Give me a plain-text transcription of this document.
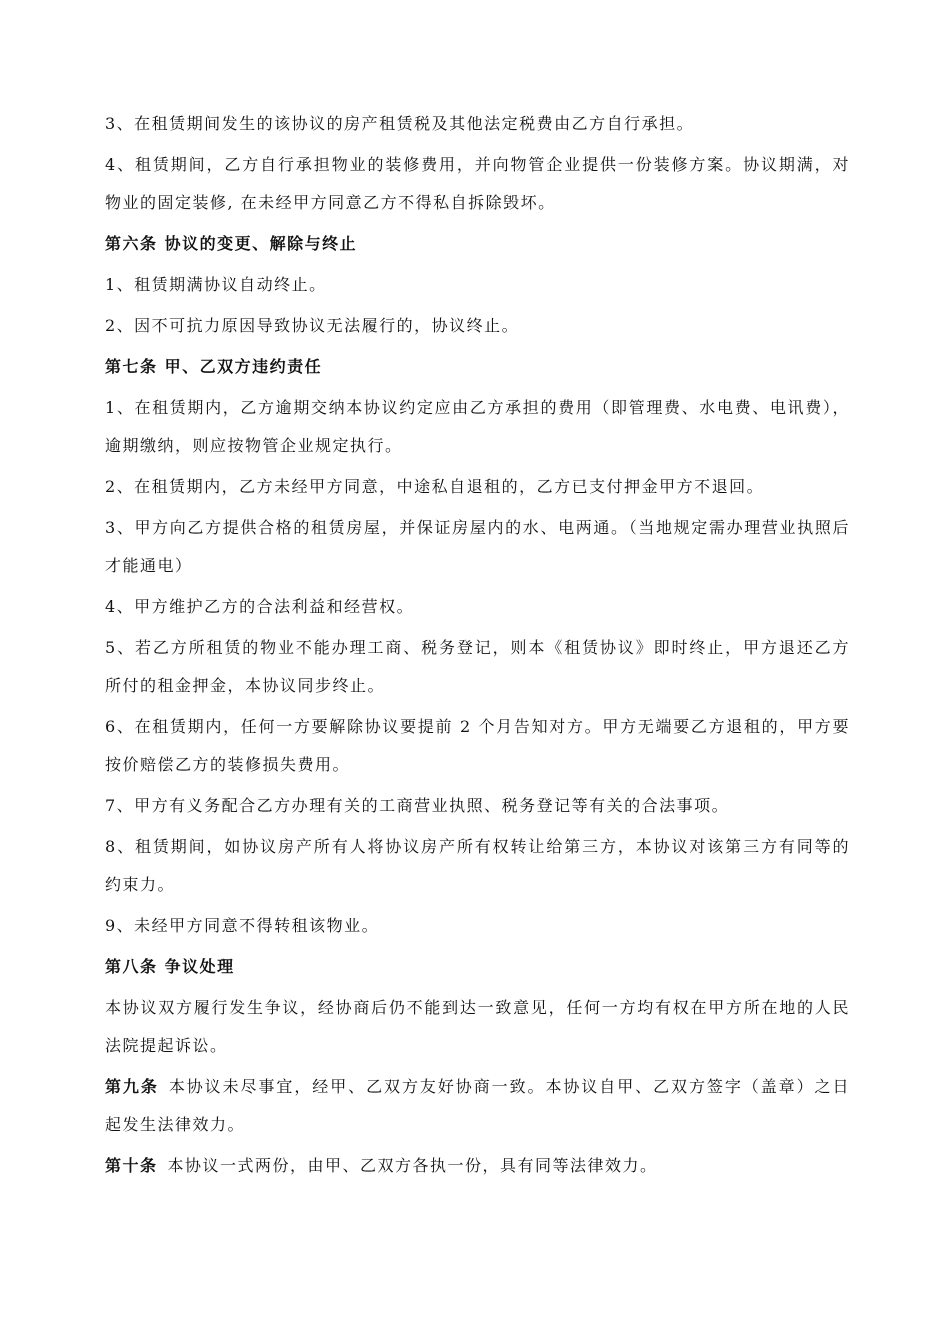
3、在租赁期间发生的该协议的房产租赁税及其他法定税费由乙方自行承担。

4、租赁期间，乙方自行承担物业的装修费用，并向物管企业提供一份装修方案。协议期满，对物业的固定装修, 在未经甲方同意乙方不得私自拆除毁坏。

第六条 协议的变更、解除与终止

1、租赁期满协议自动终止。

2、因不可抗力原因导致协议无法履行的，协议终止。

第七条 甲、乙双方违约责任

1、在租赁期内，乙方逾期交纳本协议约定应由乙方承担的费用（即管理费、水电费、电讯费），逾期缴纳，则应按物管企业规定执行。

2、在租赁期内，乙方未经甲方同意，中途私自退租的，乙方已支付押金甲方不退回。

3、甲方向乙方提供合格的租赁房屋，并保证房屋内的水、电两通。（当地规定需办理营业执照后才能通电）

4、甲方维护乙方的合法利益和经营权。

5、若乙方所租赁的物业不能办理工商、税务登记，则本《租赁协议》即时终止，甲方退还乙方所付的租金押金，本协议同步终止。

6、在租赁期内，任何一方要解除协议要提前 2 个月告知对方。甲方无端要乙方退租的，甲方要按价赔偿乙方的装修损失费用。

7、甲方有义务配合乙方办理有关的工商营业执照、税务登记等有关的合法事项。

8、租赁期间，如协议房产所有人将协议房产所有权转让给第三方，本协议对该第三方有同等的约束力。

9、未经甲方同意不得转租该物业。

第八条 争议处理

本协议双方履行发生争议，经协商后仍不能到达一致意见，任何一方均有权在甲方所在地的人民法院提起诉讼。

第九条 本协议未尽事宜，经甲、乙双方友好协商一致。本协议自甲、乙双方签字（盖章）之日起发生法律效力。

第十条 本协议一式两份，由甲、乙双方各执一份，具有同等法律效力。
